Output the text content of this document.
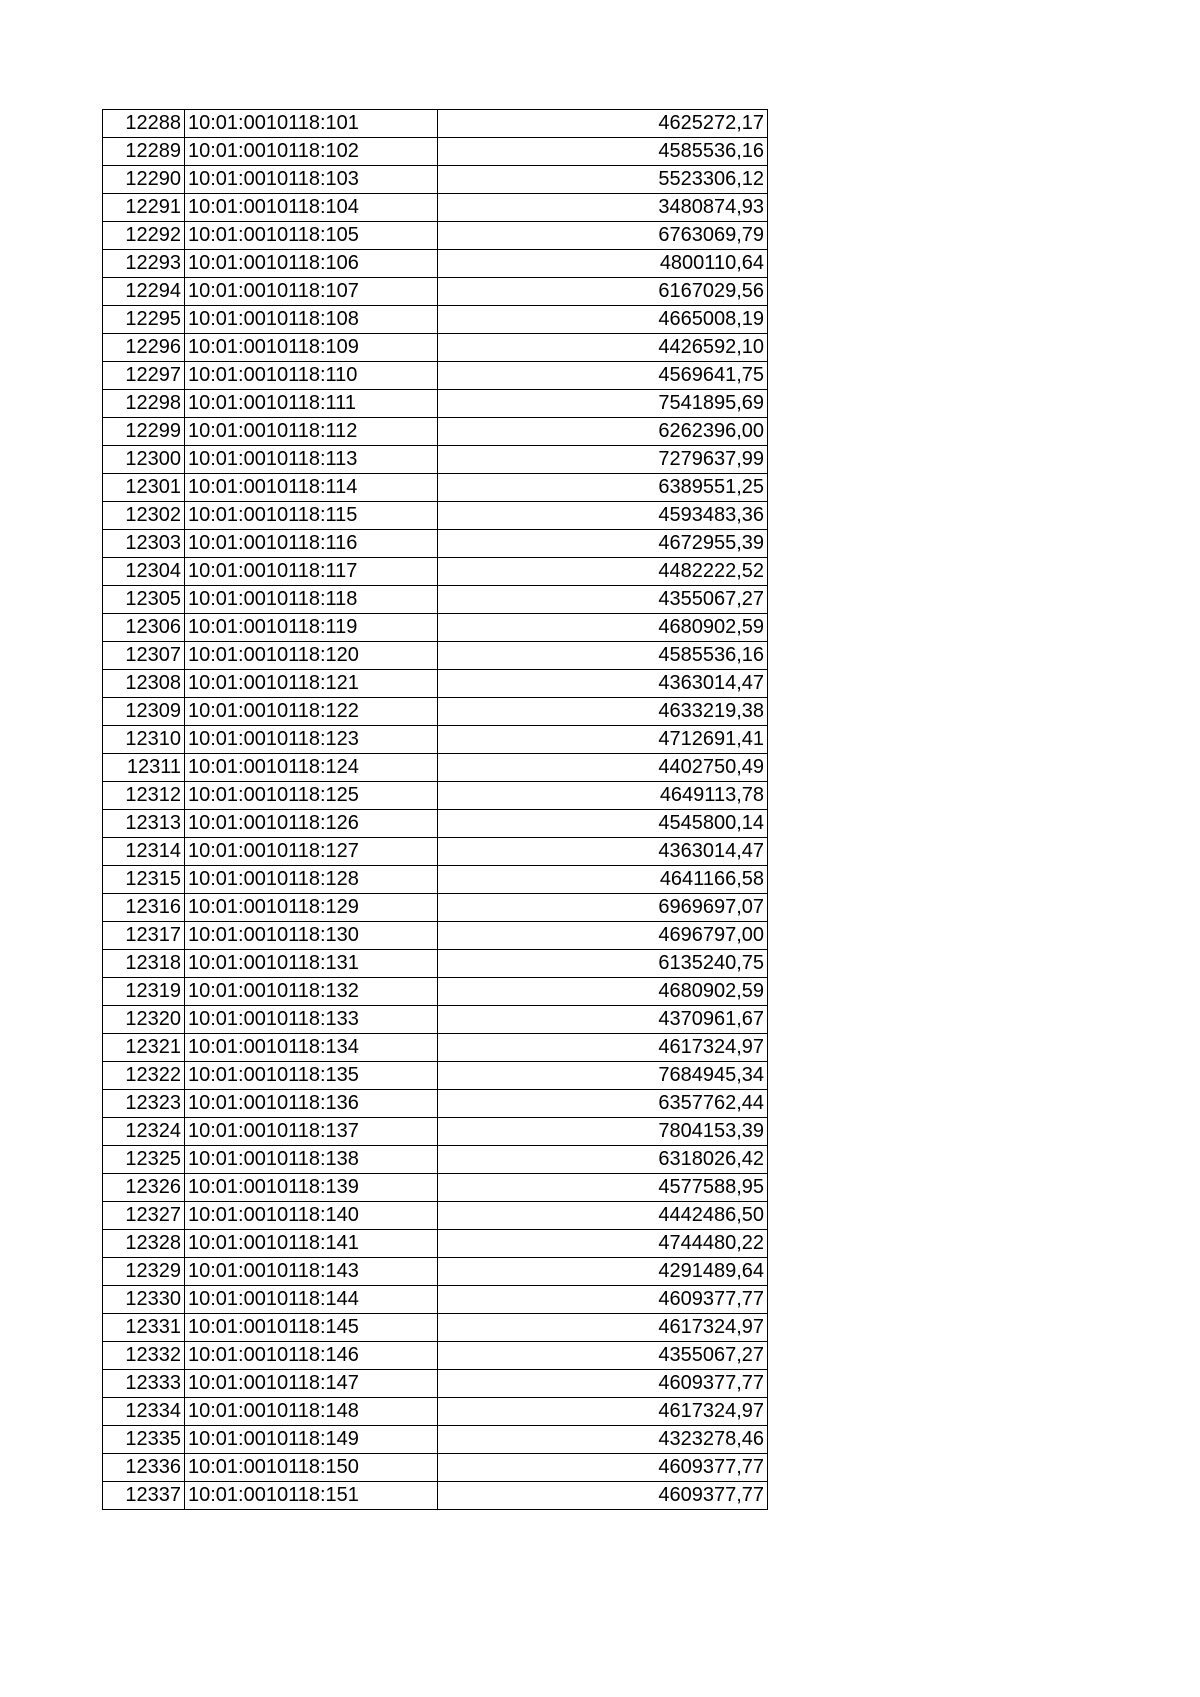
12288	10:01:0010118:101	4625272,17
12289	10:01:0010118:102	4585536,16
12290	10:01:0010118:103	5523306,12
12291	10:01:0010118:104	3480874,93
12292	10:01:0010118:105	6763069,79
12293	10:01:0010118:106	4800110,64
12294	10:01:0010118:107	6167029,56
12295	10:01:0010118:108	4665008,19
12296	10:01:0010118:109	4426592,10
12297	10:01:0010118:110	4569641,75
12298	10:01:0010118:111	7541895,69
12299	10:01:0010118:112	6262396,00
12300	10:01:0010118:113	7279637,99
12301	10:01:0010118:114	6389551,25
12302	10:01:0010118:115	4593483,36
12303	10:01:0010118:116	4672955,39
12304	10:01:0010118:117	4482222,52
12305	10:01:0010118:118	4355067,27
12306	10:01:0010118:119	4680902,59
12307	10:01:0010118:120	4585536,16
12308	10:01:0010118:121	4363014,47
12309	10:01:0010118:122	4633219,38
12310	10:01:0010118:123	4712691,41
12311	10:01:0010118:124	4402750,49
12312	10:01:0010118:125	4649113,78
12313	10:01:0010118:126	4545800,14
12314	10:01:0010118:127	4363014,47
12315	10:01:0010118:128	4641166,58
12316	10:01:0010118:129	6969697,07
12317	10:01:0010118:130	4696797,00
12318	10:01:0010118:131	6135240,75
12319	10:01:0010118:132	4680902,59
12320	10:01:0010118:133	4370961,67
12321	10:01:0010118:134	4617324,97
12322	10:01:0010118:135	7684945,34
12323	10:01:0010118:136	6357762,44
12324	10:01:0010118:137	7804153,39
12325	10:01:0010118:138	6318026,42
12326	10:01:0010118:139	4577588,95
12327	10:01:0010118:140	4442486,50
12328	10:01:0010118:141	4744480,22
12329	10:01:0010118:143	4291489,64
12330	10:01:0010118:144	4609377,77
12331	10:01:0010118:145	4617324,97
12332	10:01:0010118:146	4355067,27
12333	10:01:0010118:147	4609377,77
12334	10:01:0010118:148	4617324,97
12335	10:01:0010118:149	4323278,46
12336	10:01:0010118:150	4609377,77
12337	10:01:0010118:151	4609377,77
